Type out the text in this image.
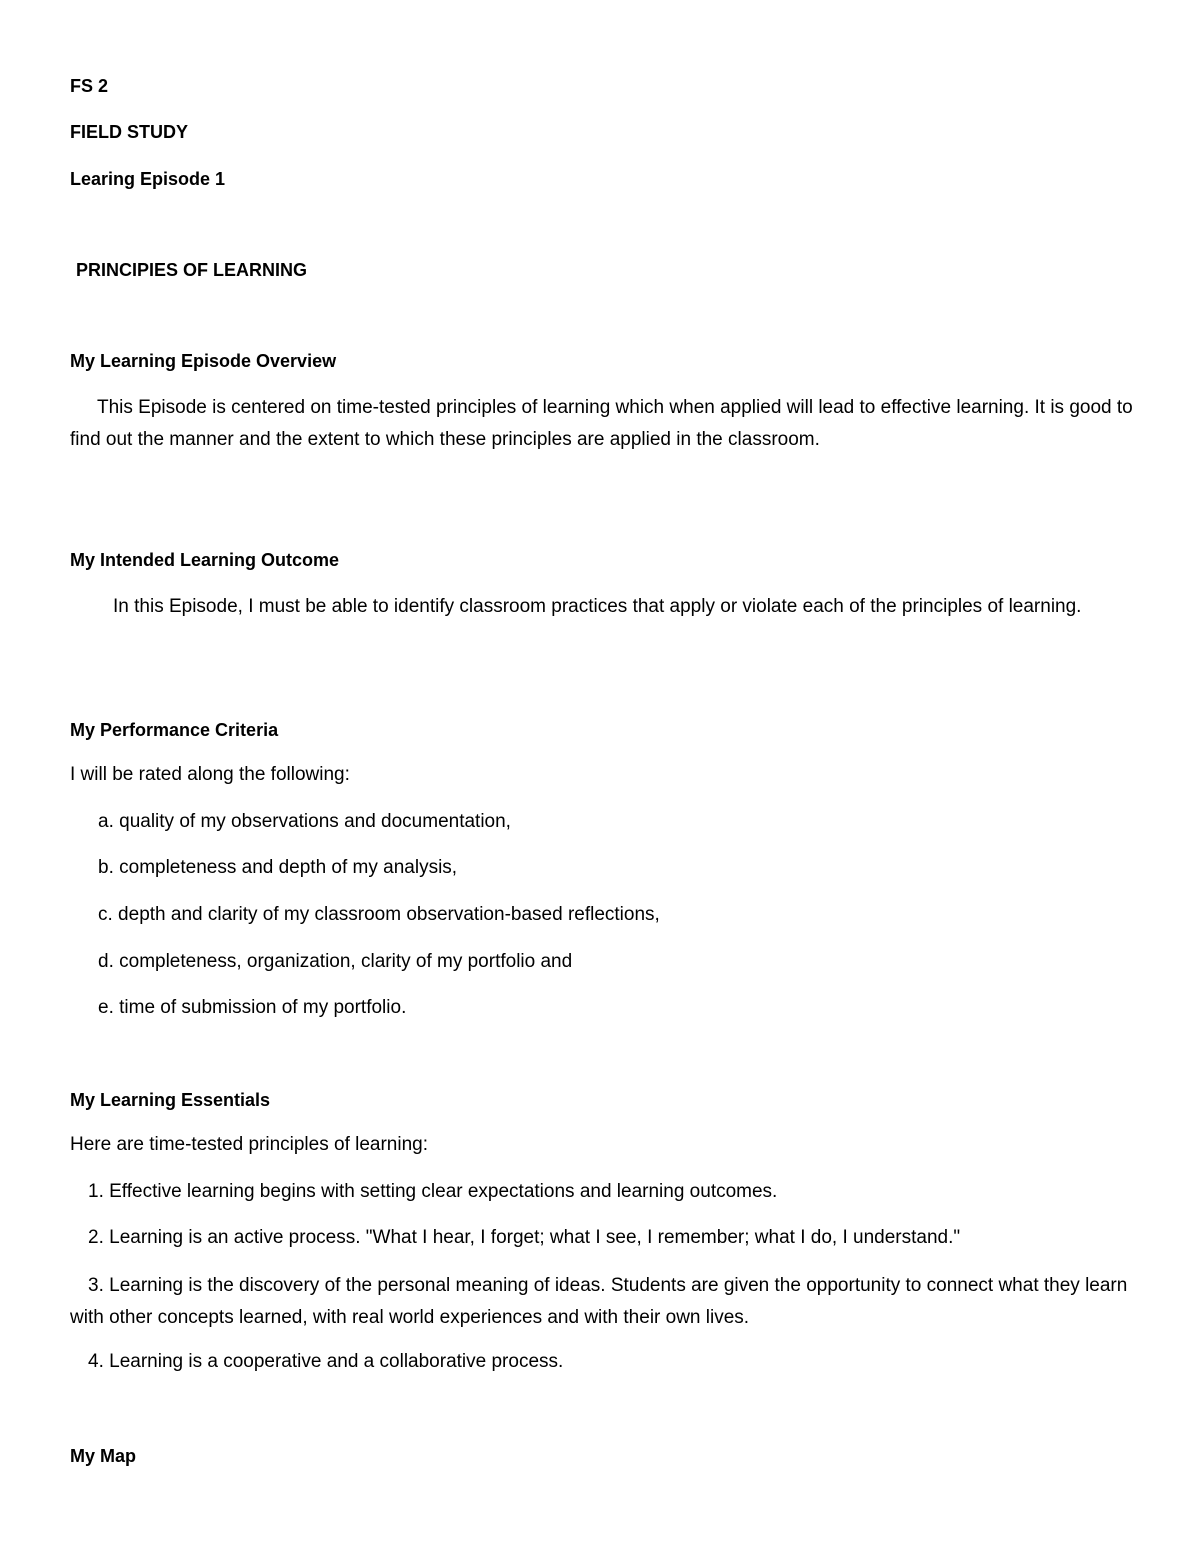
FS 2
FIELD STUDY
Learing Episode 1
PRINCIPIES OF LEARNING
My Learning Episode Overview
This Episode is centered on time-tested principles of learning which when applied will lead to effective learning. It is good to find out the manner and the extent to which these principles are applied in the classroom.
My Intended Learning Outcome
In this Episode, I must be able to identify classroom practices that apply or violate each of the principles of learning.
My Performance Criteria
I will be rated along the following:
a. quality of my observations and documentation,
b. completeness and depth of my analysis,
c. depth and clarity of my classroom observation-based reflections,
d. completeness, organization, clarity of my portfolio and
e. time of submission of my portfolio.
My Learning Essentials
Here are time-tested principles of learning:
1. Effective learning begins with setting clear expectations and learning outcomes.
2. Learning is an active process. "What I hear, I forget; what I see, I remember; what I do, I understand."
3. Learning is the discovery of the personal meaning of ideas. Students are given the opportunity to connect what they learn with other concepts learned, with real world experiences and with their own lives.
4. Learning is a cooperative and a collaborative process.
My Map
